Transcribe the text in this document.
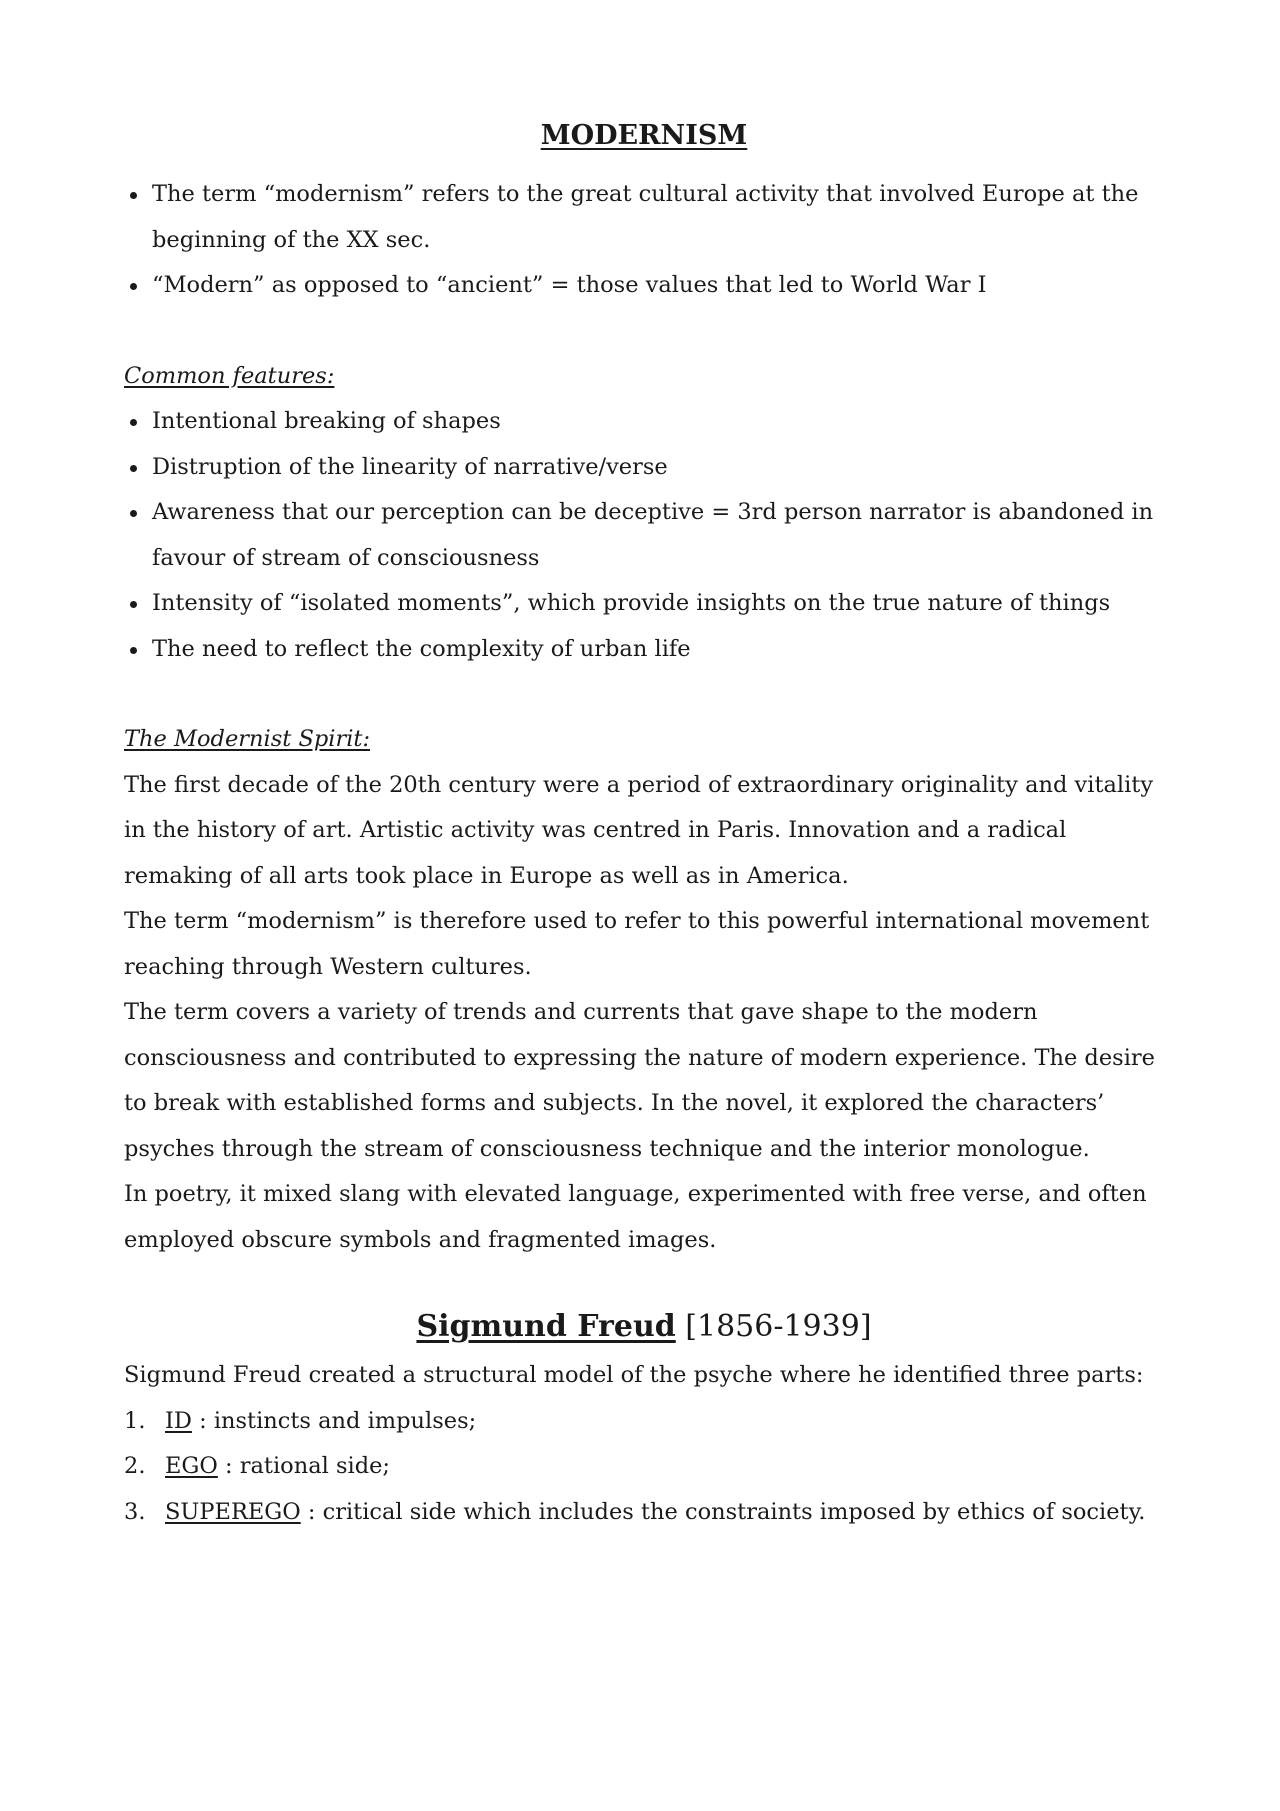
MODERNISM
The term “modernism” refers to the great cultural activity that involved Europe at the beginning of the XX sec.
“Modern” as opposed to “ancient” = those values that led to World War I
Common features:
Intentional breaking of shapes
Distruption of the linearity of narrative/verse
Awareness that our perception can be deceptive = 3rd person narrator is abandoned in favour of stream of consciousness
Intensity of “isolated moments”, which provide insights on the true nature of things
The need to reflect the complexity of urban life
The Modernist Spirit:

The first decade of the 20th century were a period of extraordinary originality and vitality in the history of art. Artistic activity was centred in Paris. Innovation and a radical remaking of all arts took place in Europe as well as in America.

The term “modernism” is therefore used to refer to this powerful international movement reaching through Western cultures.

The term covers a variety of trends and currents that gave shape to the modern consciousness and contributed to expressing the nature of modern experience. The desire to break with established forms and subjects. In the novel, it explored the characters’ psyches through the stream of consciousness technique and the interior monologue.

In poetry, it mixed slang with elevated language, experimented with free verse, and often employed obscure symbols and fragmented images.

Sigmund Freud [1856-1939]

Sigmund Freud created a structural model of the psyche where he identified three parts:

1. ID : instincts and impulses;
2. EGO : rational side;
3. SUPEREGO : critical side which includes the constraints imposed by ethics of society.
